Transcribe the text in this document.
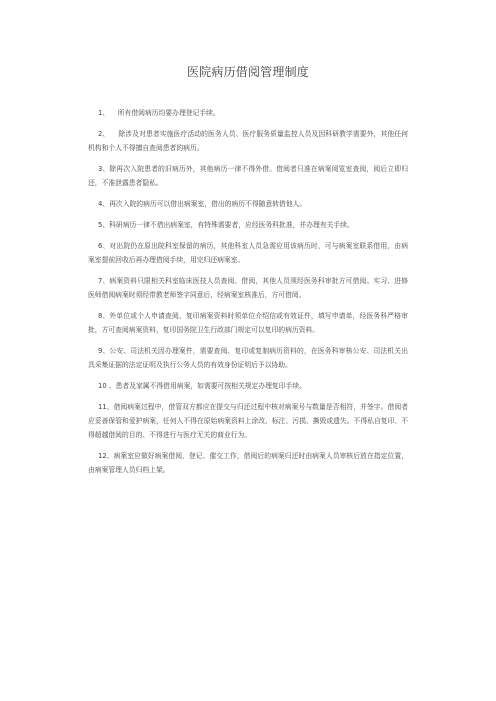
医院病历借阅管理制度

1、 所有借阅病历均要办理登记手续。

2、 除涉及对患者实施医疗活动的医务人员、医疗服务质量监控人员及因科研教学需要外，其他任何机构和个人不得擅自查阅患者的病历。

3、除再次入院患者的旧病历外，其他病历一律不得外借。借阅者只准在病案阅览室查阅，阅后立即归还，不准泄露患者隐私。

4、再次入院的病历可以借出病案室，借出的病历不得随意转借他人。

5、科研病历一律不借出病案室，有特殊需要者，应经医务科批准，并办理有关手续。

6、对出院仍在原出院科室保留的病历，其他科室人员急需应用该病历时，可与病案室联系借用，由病案室提前回收后再办理借阅手续，用完归还病案室。

7、病案资料只限相关科室临床医技人员查阅、借阅，其他人员须经医务科审批方可借阅。实习、进修医师借阅病案时须经带教老师签字同意后，经病案室核准后，方可借阅。

8、外单位或个人申请查阅、复印病案资料时须单位介绍信或有效证件，填写申请单，经医务科严格审批，方可查阅病案资料，复印国务院卫生行政部门规定可以复印的病历资料。

9、公安、司法机关因办理案件，需要查阅、复印或复制病历资料的，在医务科审核公安、司法机关出具采集证据的法定证明及执行公务人员的有效身份证明后予以协助。

10 、患者及家属不得借用病案，如需要可按相关规定办理复印手续。

11、借阅病案过程中，借管双方都应在提交与归还过程中核对病案号与数量是否相符，并签字。借阅者应妥善保管和爱护病案，任何人不得在原始病案资料上涂改、标注、污损、撕毁或遗失。不得私自复印、不得超越借阅的目的、不得进行与医疗无关的商业行为。

12、病案室应做好病案借阅、登记、催交工作，借阅后的病案归还时由病案人员审核后放在指定位置，由病案管理人员归档上架。
